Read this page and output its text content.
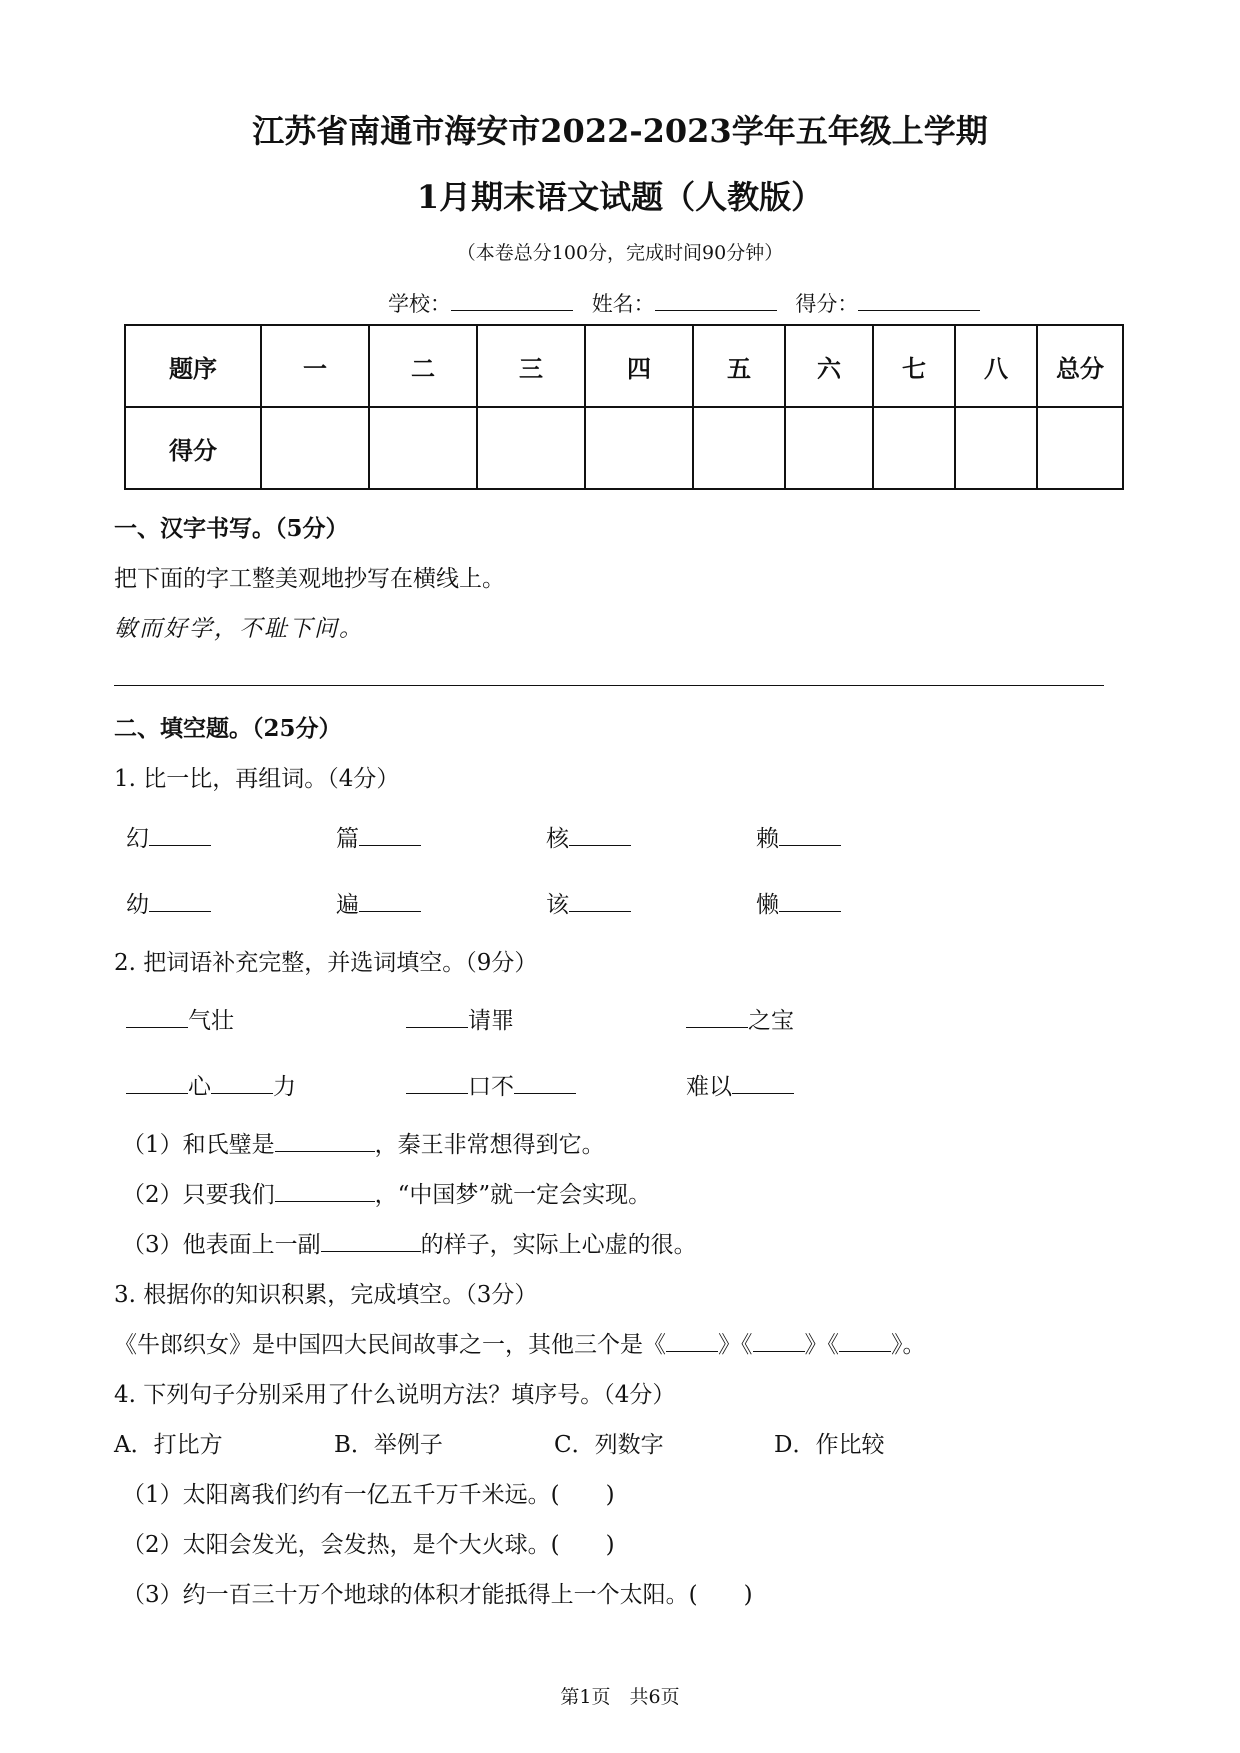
江苏省南通市海安市2022-2023学年五年级上学期
1月期末语文试题（人教版）
（本卷总分100分，完成时间90分钟）
学校：	姓名：	得分：
题序	一	二	三	四	五	六	七	八	总分
得分									
一、汉字书写。（5分）
把下面的字工整美观地抄写在横线上。
敏而好学，不耻下问。
二、填空题。（25分）
1. 比一比，再组词。（4分）
幻	篇	核	赖
幼	遍	该	懒
2. 把词语补充完整，并选词填空。（9分）
气壮	请罪	之宝
心	力	口不	难以
（1）和氏璧是	，秦王非常想得到它。
（2）只要我们	，“中国梦”就一定会实现。
（3）他表面上一副	的样子，实际上心虚的很。
3. 根据你的知识积累，完成填空。（3分）
《牛郎织女》是中国四大民间故事之一，其他三个是《 》《 》《 》。
4. 下列句子分别采用了什么说明方法？填序号。（4分）
A．打比方	B．举例子	C．列数字	D．作比较
（1）太阳离我们约有一亿五千万千米远。(　　)
（2）太阳会发光，会发热，是个大火球。(　　)
（3）约一百三十万个地球的体积才能抵得上一个太阳。(　　)
第1页　共6页
